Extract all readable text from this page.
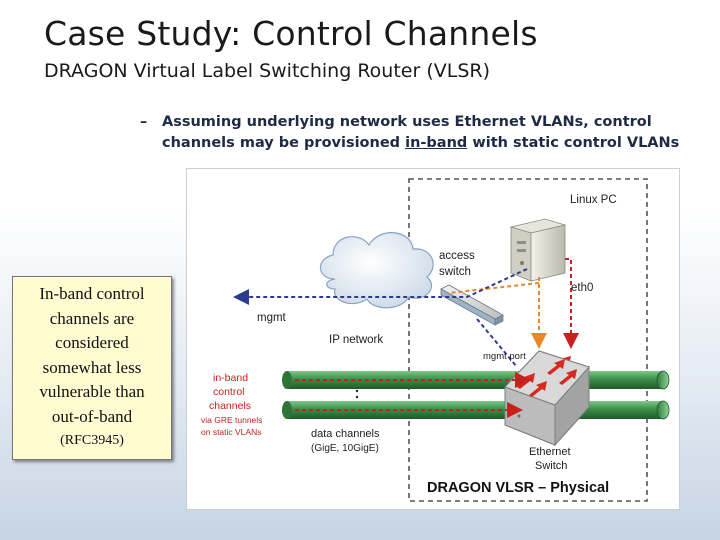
Case Study: Control Channels
DRAGON Virtual Label Switching Router (VLSR)
– Assuming underlying network uses Ethernet VLANs, control
channels may be provisioned in-band with static control VLANs
Linux PC
access
switch
eth0
mgmt
IP network
mgmt port
in-band
control
channels
via GRE tunnels
on static VLANs	data channels
(GigE, 10GigE)	Ethernet
Switch
DRAGON VLSR – Physical
In-band control
channels are
considered
somewhat less
vulnerable than
out-of-band
(RFC3945)
